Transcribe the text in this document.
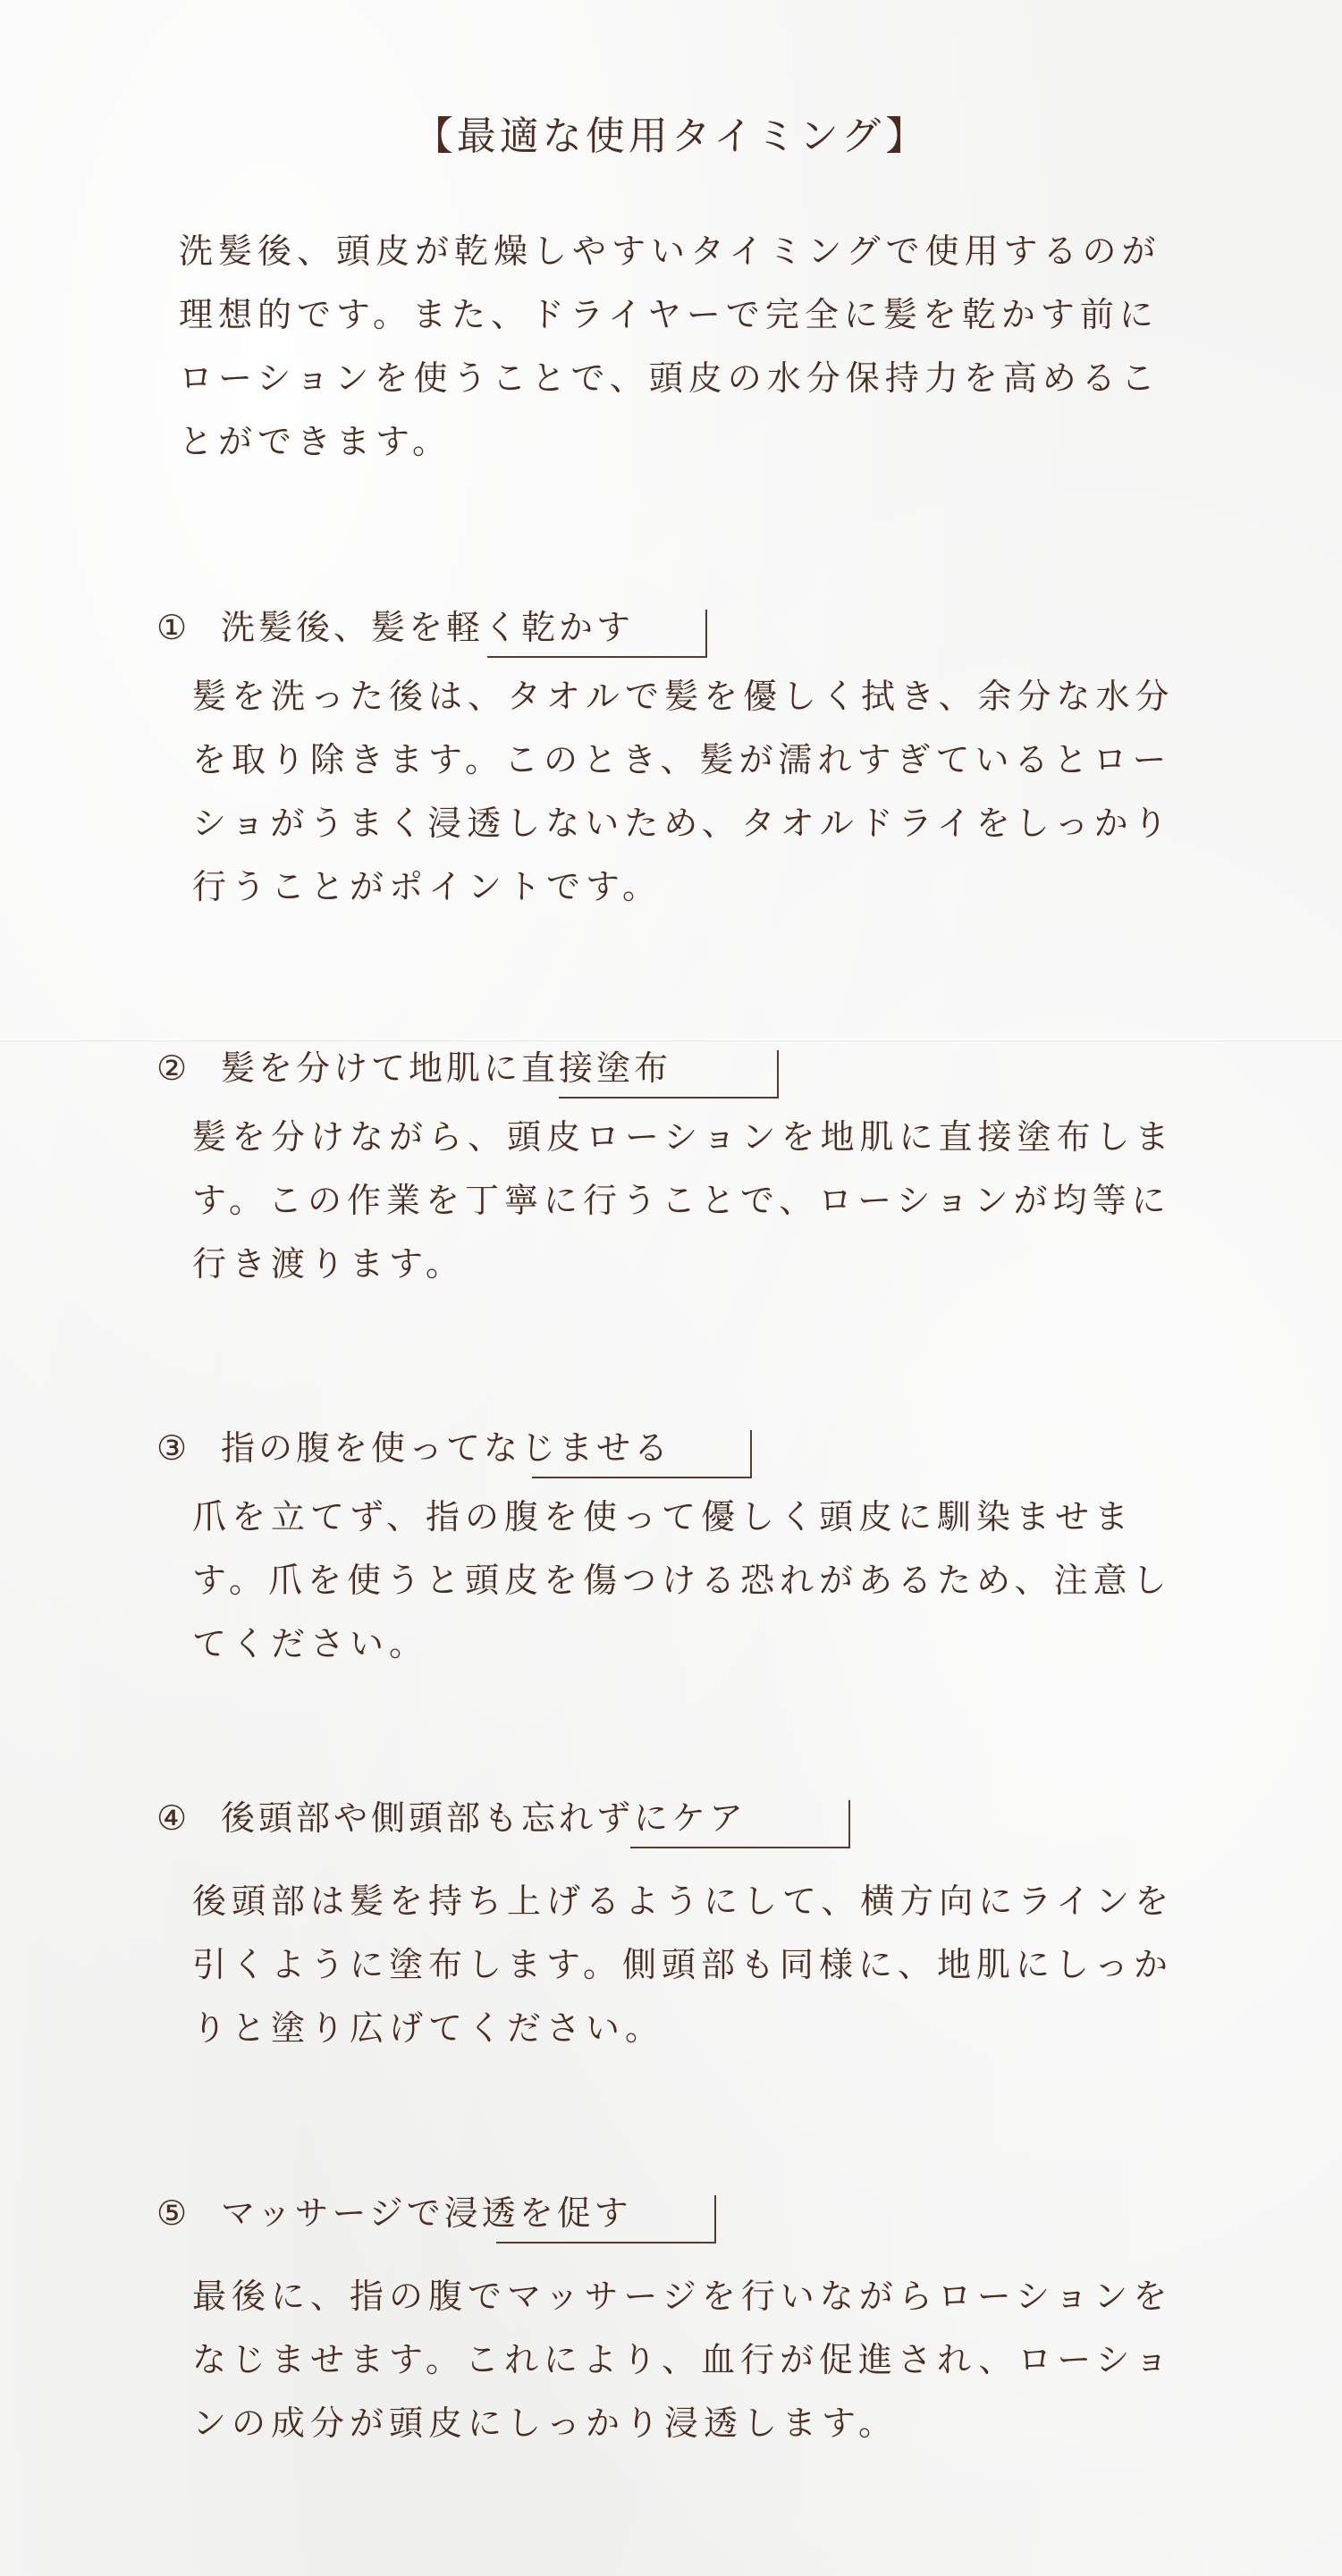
【最適な使用タイミング】

洗髪後、頭皮が乾燥しやすいタイミングで使用するのが理想的です。また、ドライヤーで完全に髪を乾かす前にローションを使うことで、頭皮の水分保持力を高めることができます。

① 洗髪後、髪を軽く乾かす

髪を洗った後は、タオルで髪を優しく拭き、余分な水分を取り除きます。このとき、髪が濡れすぎているとローショがうまく浸透しないため、タオルドライをしっかり行うことがポイントです。

② 髪を分けて地肌に直接塗布

髪を分けながら、頭皮ローションを地肌に直接塗布します。この作業を丁寧に行うことで、ローションが均等に行き渡ります。

③ 指の腹を使ってなじませる

爪を立てず、指の腹を使って優しく頭皮に馴染ませます。爪を使うと頭皮を傷つける恐れがあるため、注意してください。

④ 後頭部や側頭部も忘れずにケア

後頭部は髪を持ち上げるようにして、横方向にラインを引くように塗布します。側頭部も同様に、地肌にしっかりと塗り広げてください。

⑤ マッサージで浸透を促す

最後に、指の腹でマッサージを行いながらローションをなじませます。これにより、血行が促進され、ローションの成分が頭皮にしっかり浸透します。
